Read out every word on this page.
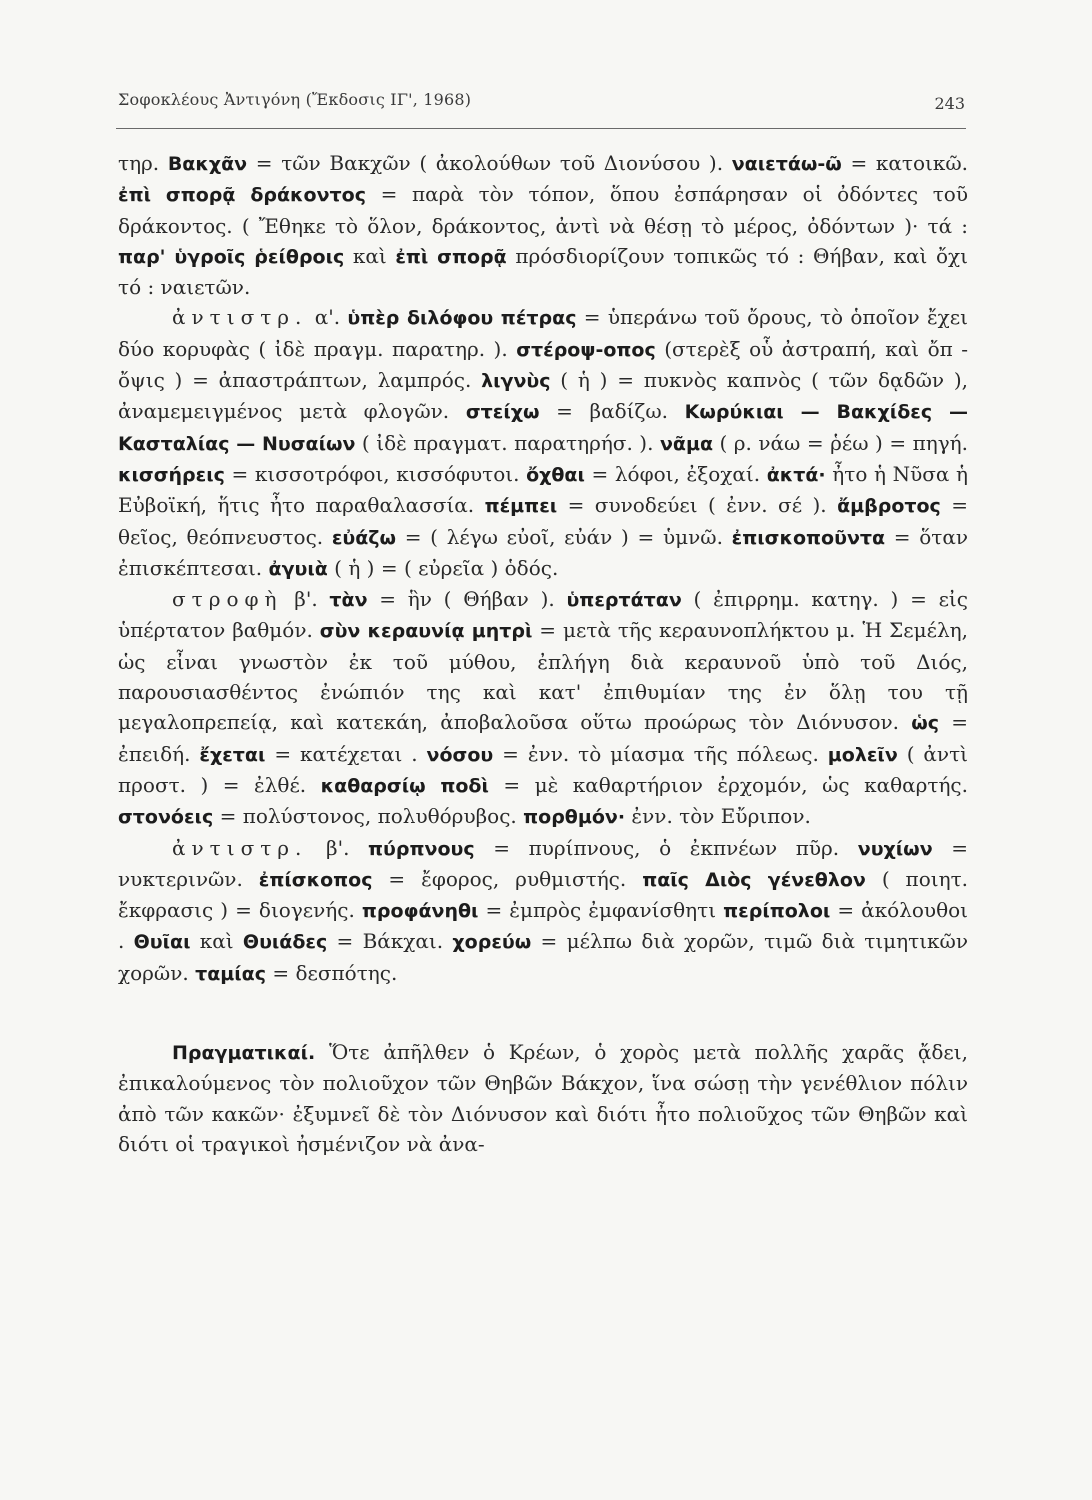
Σοφοκλέους Ἀντιγόνη (Ἔκδοσις ΙΓ', 1968)	243

τηρ. Βακχᾶν = τῶν Βακχῶν ( ἀκολούθων τοῦ Διονύσου ). ναιετάω-ῶ = κατοικῶ. ἐπὶ σπορᾷ δράκοντος = παρὰ τὸν τόπον, ὅπου ἐσπάρησαν οἱ ὀδόντες τοῦ δράκοντος. ( Ἔθηκε τὸ ὅλον, δράκοντος, ἀντὶ νὰ θέσῃ τὸ μέρος, ὀδόντων )· τά : παρ' ὑγροῖς ῥείθροις καὶ ἐπὶ σπορᾷ πρόσδιορίζουν τοπικῶς τό : Θήβαν, καὶ ὄχι τό : ναιετῶν.

ἀντιστρ. α'. ὑπὲρ διλόφου πέτρας = ὑπεράνω τοῦ ὄρους, τὸ ὁποῖον ἔχει δύο κορυφὰς ( ἰδὲ πραγμ. παρατηρ. ). στέροψ-οπος (στερὲξ οὗ ἀστραπή, καὶ ὄπ - ὄψις ) = ἀπαστράπτων, λαμπρός. λιγνὺς ( ἡ ) = πυκνὸς καπνὸς ( τῶν δᾳδῶν ), ἀναμεμειγμένος μετὰ φλογῶν. στείχω = βαδίζω. Κωρύκιαι — Βακχίδες — Κασταλίας — Νυσαίων ( ἰδὲ πραγματ. παρατηρήσ. ). νᾶμα ( ρ. νάω = ῥέω ) = πηγή. κισσήρεις = κισσοτρόφοι, κισσόφυτοι. ὄχθαι = λόφοι, ἐξοχαί. ἀκτά· ἦτο ἡ Νῦσα ἡ Εὐβοϊκή, ἥτις ἦτο παραθαλασσία. πέμπει = συνοδεύει ( ἐνν. σέ ). ἄμβροτος = θεῖος, θεόπνευστος. εὐάζω = ( λέγω εὐοῖ, εὐάν ) = ὑμνῶ. ἐπισκοποῦντα = ὅταν ἐπισκέπτεσαι. ἀγυιὰ ( ἡ ) = ( εὐρεῖα ) ὁδός.

στροφὴ β'. τὰν = ἣν ( Θήβαν ). ὑπερτάταν ( ἐπιρρημ. κατηγ. ) = εἰς ὑπέρτατον βαθμόν. σὺν κεραυνίᾳ μητρὶ = μετὰ τῆς κεραυνοπλήκτου μ. Ἡ Σεμέλη, ὡς εἶναι γνωστὸν ἐκ τοῦ μύθου, ἐπλήγη διὰ κεραυνοῦ ὑπὸ τοῦ Διός, παρουσιασθέντος ἐνώπιόν της καὶ κατ' ἐπιθυμίαν της ἐν ὅλῃ του τῇ μεγαλοπρεπείᾳ, καὶ κατεκάη, ἀποβαλοῦσα οὕτω προώρως τὸν Διόνυσον. ὡς = ἐπειδή. ἔχεται = κατέχεται . νόσου = ἐνν. τὸ μίασμα τῆς πόλεως. μολεῖν ( ἀντὶ προστ. ) = ἐλθέ. καθαρσίῳ ποδὶ = μὲ καθαρτήριον ἐρχομόν, ὡς καθαρτής. στονόεις = πολύστονος, πολυθόρυβος. πορθμόν· ἐνν. τὸν Εὔριπον.

ἀντιστρ. β'. πύρπνους = πυρίπνους, ὁ ἐκπνέων πῦρ. νυχίων = νυκτερινῶν. ἐπίσκοπος = ἔφορος, ρυθμιστής. παῖς Διὸς γένεθλον ( ποιητ. ἔκφρασις ) = διογενής. προφάνηθι = ἐμπρὸς ἐμφανίσθητι περίπολοι = ἀκόλουθοι . Θυῖαι καὶ Θυιάδες = Βάκχαι. χορεύω = μέλπω διὰ χορῶν, τιμῶ διὰ τιμητικῶν χορῶν. ταμίας = δεσπότης.

Πραγματικαί. Ὅτε ἀπῆλθεν ὁ Κρέων, ὁ χορὸς μετὰ πολλῆς χαρᾶς ᾄδει, ἐπικαλούμενος τὸν πολιοῦχον τῶν Θηβῶν Βάκχον, ἵνα σώσῃ τὴν γενέθλιον πόλιν ἀπὸ τῶν κακῶν· ἐξυμνεῖ δὲ τὸν Διόνυσον καὶ διότι ἦτο πολιοῦχος τῶν Θηβῶν καὶ διότι οἱ τραγικοὶ ἠσμένιζον νὰ ἀνα-
